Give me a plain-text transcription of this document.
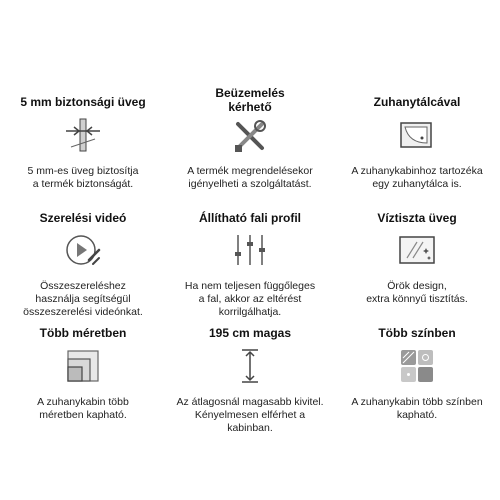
5 mm biztonsági üveg
5 mm-es üveg biztosítja
a termék biztonságát.
Beüzemelés
kérhető
A termék megrendelésekor
igényelheti a szolgáltatást.
Zuhanytálcával
A zuhanykabinhoz tartozéka
egy zuhanytálca is.
Szerelési videó
Összeszereléshez
használja segítségül
összeszerelési videónkat.
Állítható fali profil
Ha nem teljesen függőleges
a fal, akkor az eltérést
korrilgálhatja.
Víztiszta üveg
Örök design,
extra könnyű tisztítás.
Több méretben
A zuhanykabin több
méretben kapható.
195 cm magas
Az átlagosnál magasabb kivitel.
Kényelmesen elférhet a kabinban.
Több színben
A zuhanykabin több színben
kapható.
